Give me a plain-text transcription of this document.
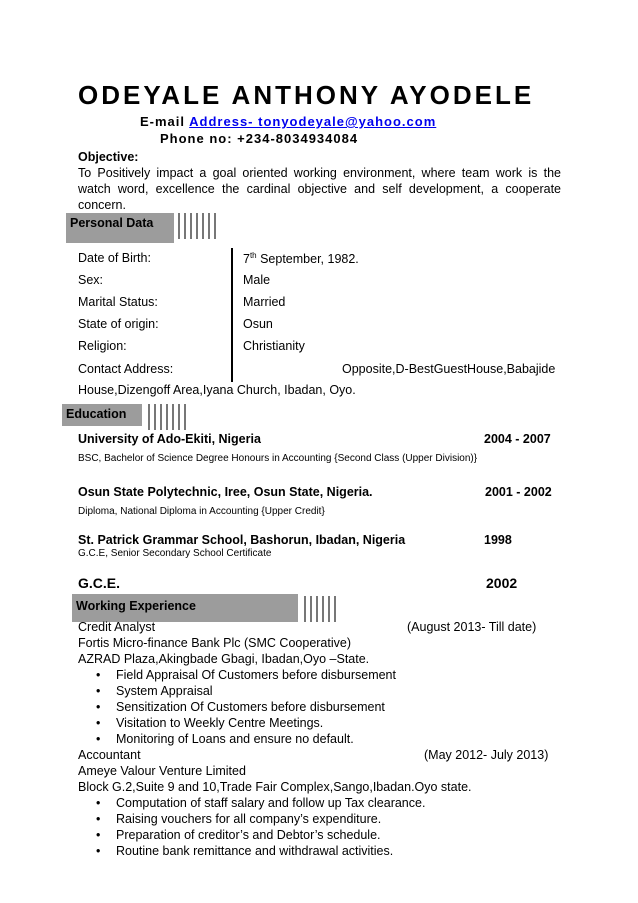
ODEYALE ANTHONY AYODELE
E-mail Address- tonyodeyale@yahoo.com
Phone no: +234-8034934084
Objective:
To Positively impact a goal oriented working environment, where team work is the watch word, excellence the cardinal objective and self development, a cooperate concern.
Personal Data
Date of Birth:	7th September, 1982.
Sex:	Male
Marital Status:	Married
State of origin:	Osun
Religion:	Christianity
Contact Address:	Opposite,D-BestGuestHouse,Babajide
House,Dizengoff Area,Iyana Church, Ibadan, Oyo.
Education
University of Ado-Ekiti, Nigeria	2004 - 2007
BSC, Bachelor of Science Degree Honours in Accounting {Second Class (Upper Division)}
Osun State Polytechnic, Iree, Osun State, Nigeria.	2001 - 2002
Diploma, National Diploma in Accounting {Upper Credit}
St. Patrick Grammar School, Bashorun, Ibadan, Nigeria	1998
G.C.E, Senior Secondary School Certificate
G.C.E.	2002
Working Experience
Credit Analyst	(August 2013- Till date)
Fortis Micro-finance Bank Plc (SMC Cooperative)
AZRAD Plaza,Akingbade Gbagi, Ibadan,Oyo –State.
• Field Appraisal Of Customers before disbursement
• System Appraisal
• Sensitization Of Customers before disbursement
• Visitation to Weekly Centre Meetings.
• Monitoring of Loans and ensure no default.
Accountant	(May 2012- July 2013)
Ameye Valour Venture Limited
Block G.2,Suite 9 and 10,Trade Fair Complex,Sango,Ibadan.Oyo state.
• Computation of staff salary and follow up Tax clearance.
• Raising vouchers for all company’s expenditure.
• Preparation of creditor’s and Debtor’s schedule.
• Routine bank remittance and withdrawal activities.
